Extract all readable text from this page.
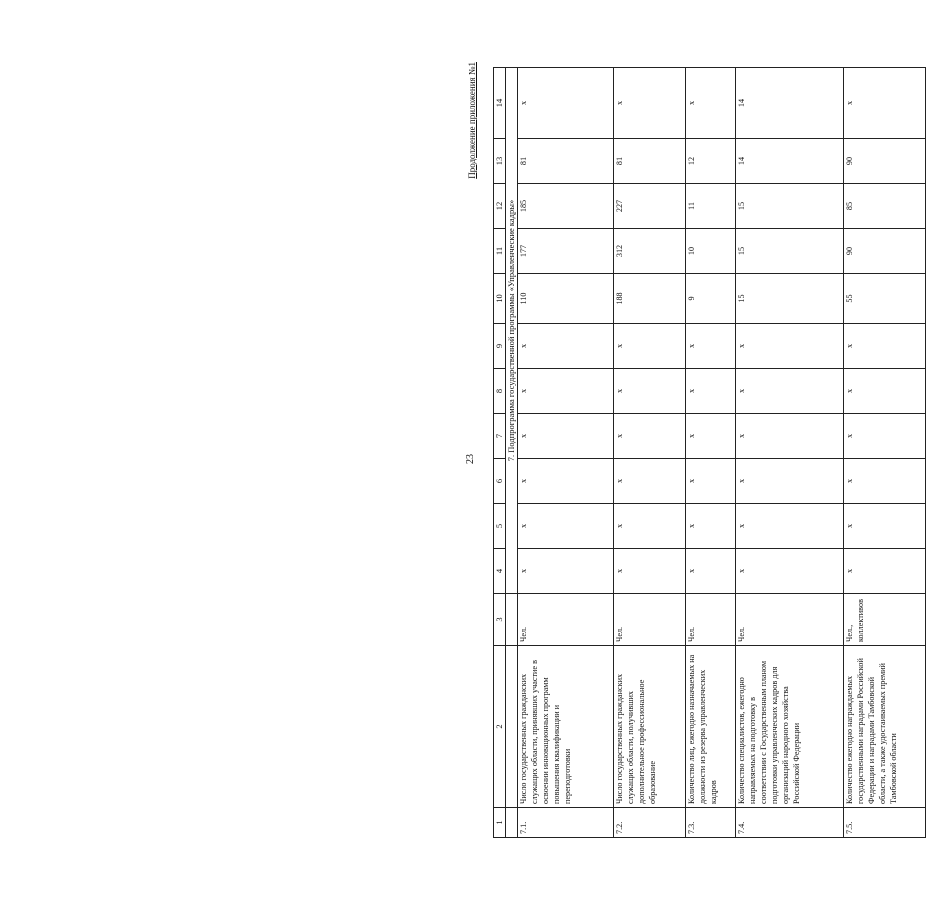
23
Продолжение приложения №1
1	2	3	4	5	6	7	8	9	10	11	12	13	14
			7. Подпрограмма государственной программы «Управленческие кадры»										
7.1.	Число государственных гражданских служащих области, принявших участие в освоении инновационных программ повышения квалификации и переподготовки	Чел.	х	х	х	х	х	х	110	177	185	81	х
7.2.	Число государственных гражданских служащих области, получивших дополнительное профессиональное образование	Чел.	х	х	х	х	х	х	188	312	227	81	х
7.3.	Количество лиц, ежегодно назначаемых на должности из резерва управленческих кадров	Чел.	х	х	х	х	х	х	9	10	11	12	х
7.4.	Количество специалистов, ежегодно направляемых на подготовку в соответствии с Государственным планом подготовки управленческих кадров для организаций народного хозяйства Российской Федерации	Чел.	х	х	х	х	х	х	15	15	15	14	14
7.5.	Количество ежегодно награждаемых государственными наградами Российской Федерации и наградами Тамбовской области, а также удостаиваемых премий Тамбовской области	Чел., коллективов	х	х	х	х	х	х	55	90	85	90	х
